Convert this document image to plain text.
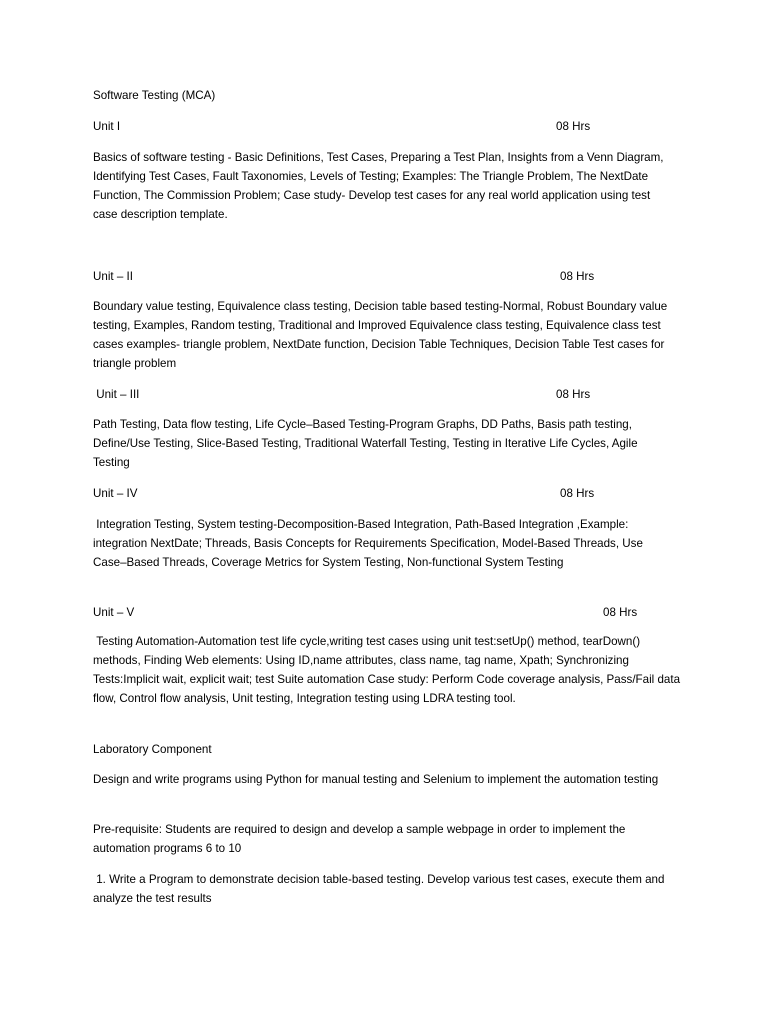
Software Testing (MCA)
Unit I	08 Hrs

Basics of software testing - Basic Definitions, Test Cases, Preparing a Test Plan, Insights from a Venn Diagram, Identifying Test Cases, Fault Taxonomies, Levels of Testing; Examples: The Triangle Problem, The NextDate Function, The Commission Problem; Case study- Develop test cases for any real world application using test case description template.

Unit – II	08 Hrs

Boundary value testing, Equivalence class testing, Decision table based testing-Normal, Robust Boundary value testing, Examples, Random testing, Traditional and Improved Equivalence class testing, Equivalence class test cases examples- triangle problem, NextDate function, Decision Table Techniques, Decision Table Test cases for triangle problem

Unit – III	08 Hrs

Path Testing, Data flow testing, Life Cycle–Based Testing-Program Graphs, DD Paths, Basis path testing, Define/Use Testing, Slice-Based Testing, Traditional Waterfall Testing, Testing in Iterative Life Cycles, Agile Testing

Unit – IV	08 Hrs

Integration Testing, System testing-Decomposition-Based Integration, Path-Based Integration ,Example: integration NextDate; Threads, Basis Concepts for Requirements Specification, Model-Based Threads, Use Case–Based Threads, Coverage Metrics for System Testing, Non-functional System Testing

Unit – V	08 Hrs

Testing Automation-Automation test life cycle,writing test cases using unit test:setUp() method, tearDown() methods, Finding Web elements: Using ID,name attributes, class name, tag name, Xpath; Synchronizing Tests:Implicit wait, explicit wait; test Suite automation Case study: Perform Code coverage analysis, Pass/Fail data flow, Control flow analysis, Unit testing, Integration testing using LDRA testing tool.

Laboratory Component

Design and write programs using Python for manual testing and Selenium to implement the automation testing

Pre-requisite: Students are required to design and develop a sample webpage in order to implement the automation programs 6 to 10

1. Write a Program to demonstrate decision table-based testing. Develop various test cases, execute them and analyze the test results
